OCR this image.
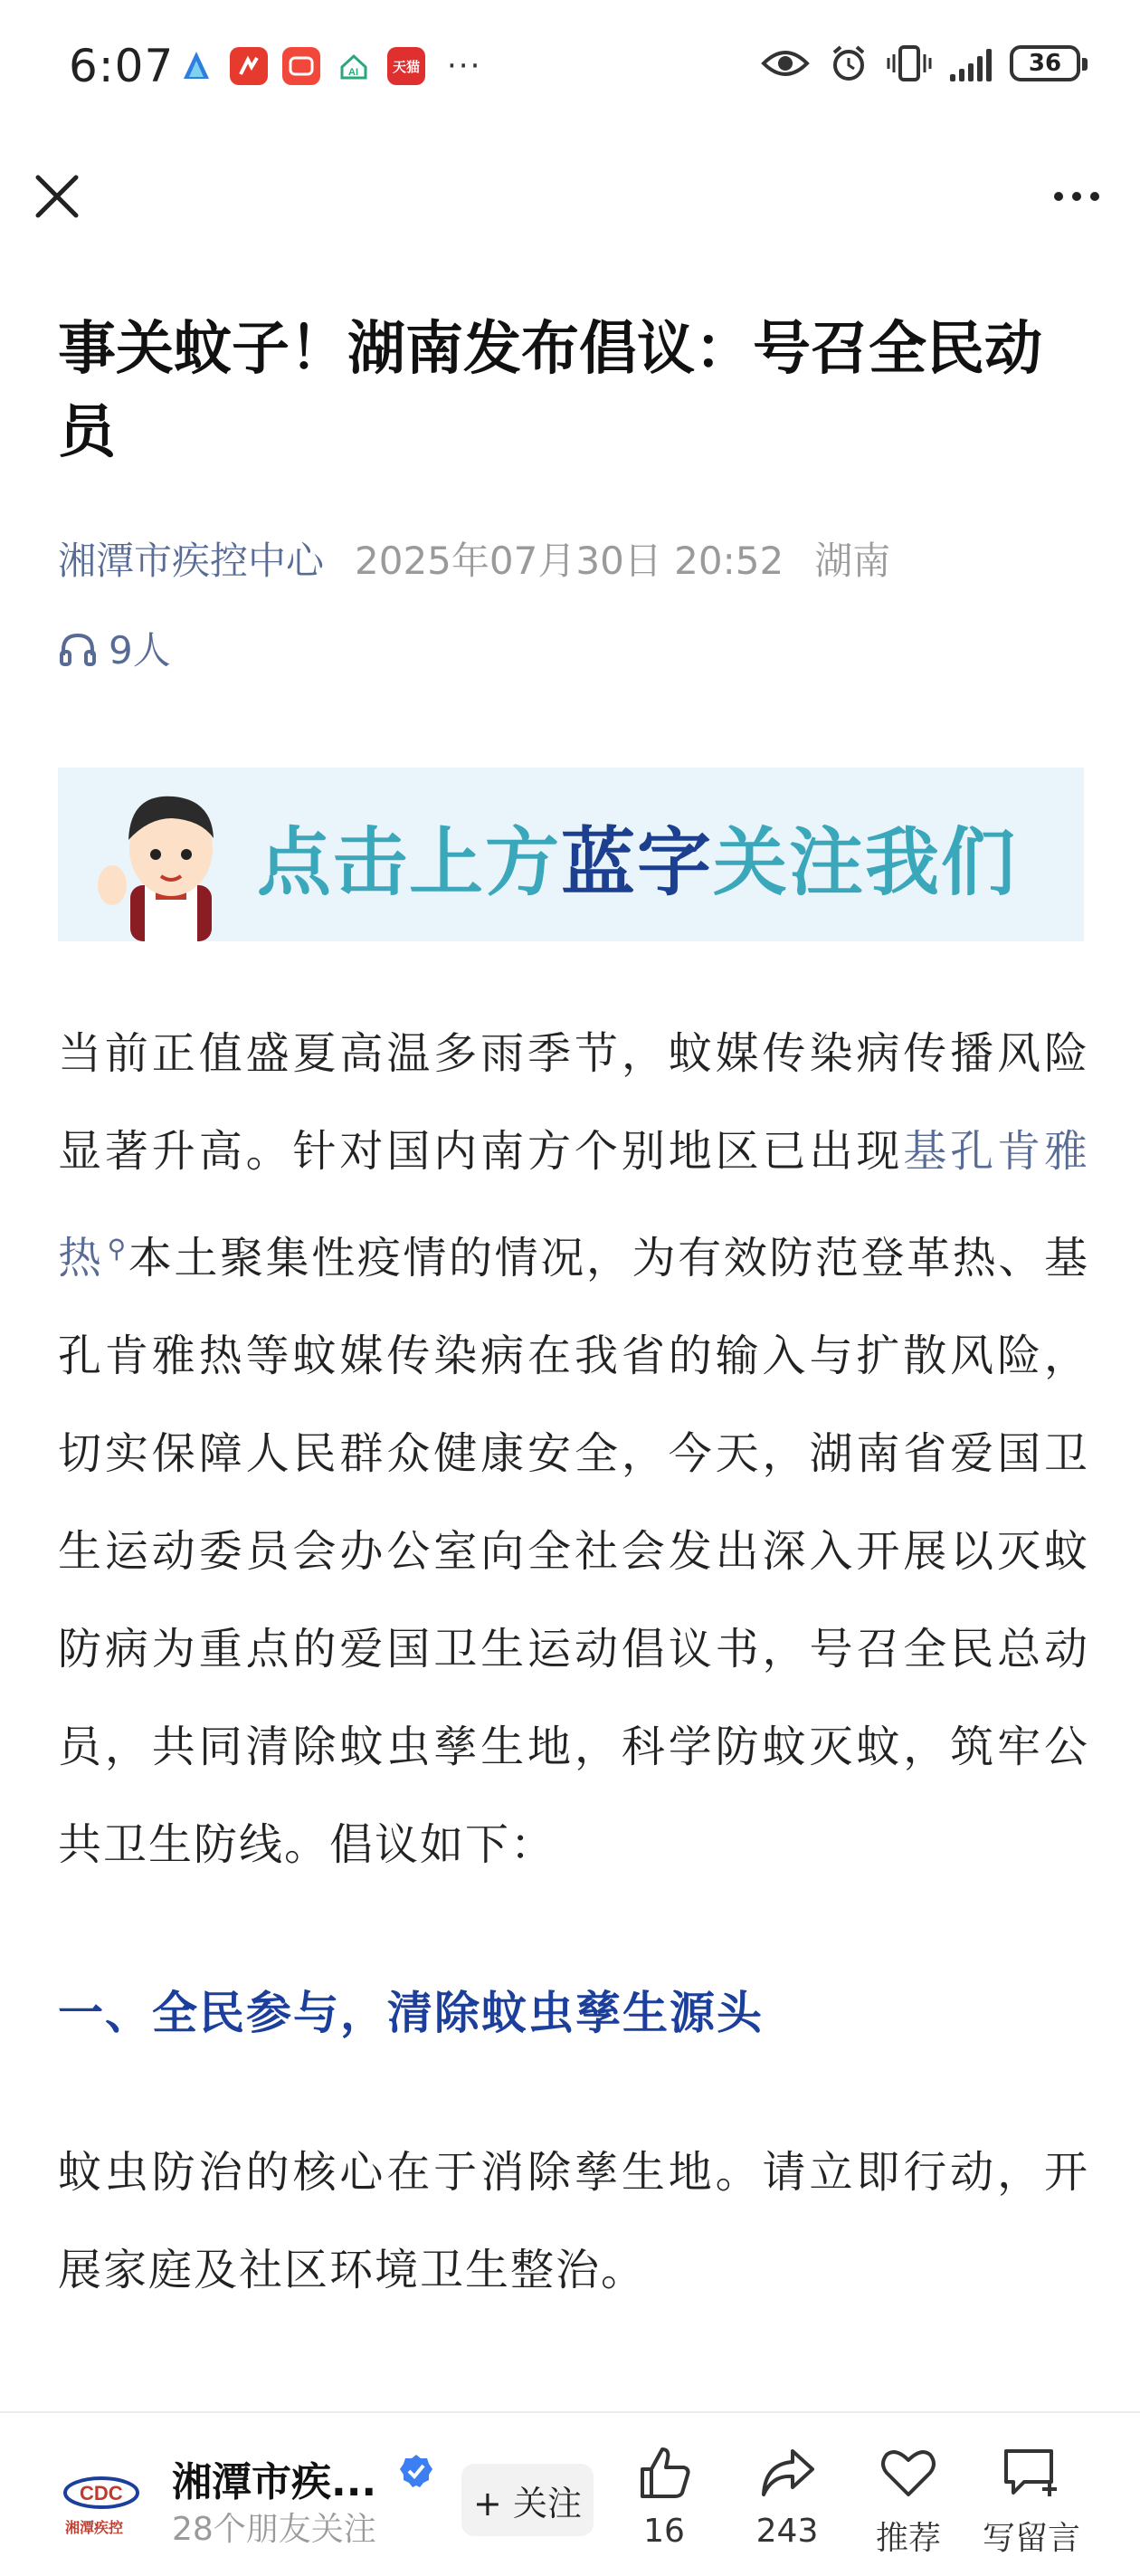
6:07	AI	天猫 ···	36
事关蚊子！湖南发布倡议：号召全民动员
湘潭市疾控中心 2025年07月30日 20:52 湖南
9人
点击上方蓝字关注我们

当前正值盛夏高温多雨季节，蚊媒传染病传播风险显著升高。针对国内南方个别地区已出现基孔肯雅热 ⚲本土聚集性疫情的情况，为有效防范登革热、基孔肯雅热等蚊媒传染病在我省的输入与扩散风险，切实保障人民群众健康安全，今天，湖南省爱国卫生运动委员会办公室向全社会发出深入开展以灭蚊防病为重点的爱国卫生运动倡议书，号召全民总动员，共同清除蚊虫孳生地，科学防蚊灭蚊，筑牢公共卫生防线。倡议如下：

一、全民参与，清除蚊虫孳生源头

蚊虫防治的核心在于消除孳生地。请立即行动，开展家庭及社区环境卫生整治。

CDC
湘潭疾控
湘潭市疾...
28个朋友关注
+ 关注
16	243	推荐	写留言
